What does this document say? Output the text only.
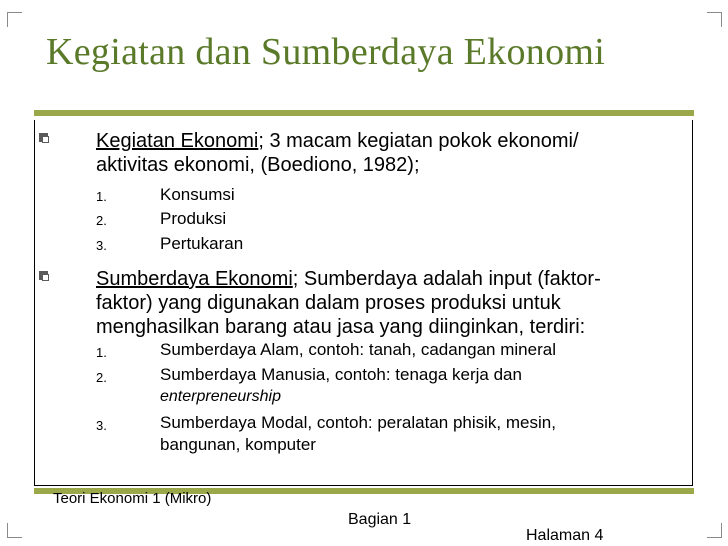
Kegiatan dan Sumberdaya Ekonomi
Kegiatan Ekonomi; 3 macam kegiatan pokok ekonomi/
aktivitas ekonomi, (Boediono, 1982);
1.	Konsumsi
2.	Produksi
3.	Pertukaran
Sumberdaya Ekonomi; Sumberdaya adalah input (faktor-
faktor) yang digunakan dalam proses produksi untuk
menghasilkan barang atau jasa yang diinginkan, terdiri:
1.	Sumberdaya Alam, contoh: tanah, cadangan mineral
2.	Sumberdaya Manusia, contoh: tenaga kerja dan
enterpreneurship
3.	Sumberdaya Modal, contoh: peralatan phisik, mesin,
bangunan, komputer
Teori Ekonomi 1 (Mikro)
Bagian 1
Halaman 4
